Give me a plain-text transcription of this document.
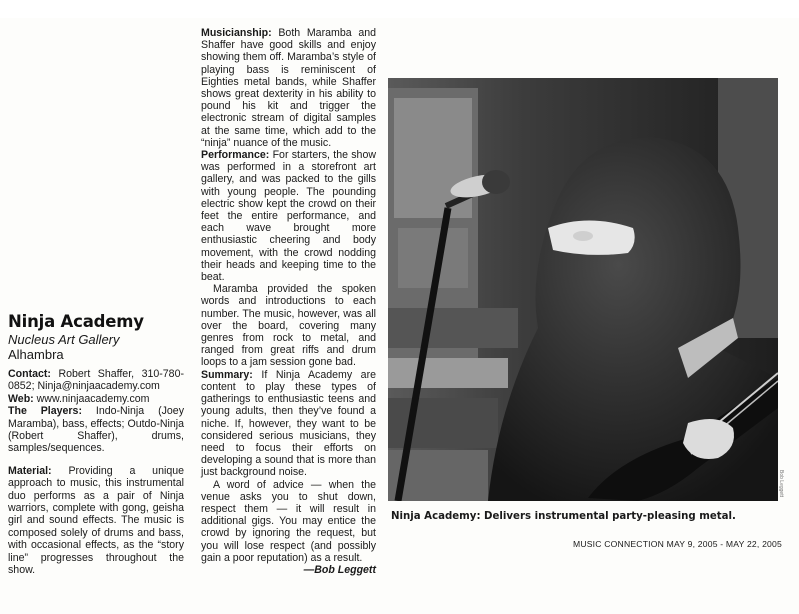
Ninja Academy

Nucleus Art Gallery

Alhambra

Contact: Robert Shaffer, 310-780-0852; Ninja@ninjaacademy.com

Web: www.ninjaacademy.com

The Players: Indo-Ninja (Joey Maramba), bass, effects; Outdo-Ninja (Robert Shaffer), drums, samples/sequences.

Material: Providing a unique approach to music, this instrumental duo performs as a pair of Ninja warriors, complete with gong, geisha girl and sound effects. The music is composed solely of drums and bass, with occasional effects, as the “story line” progresses throughout the show.

Musicianship: Both Maramba and Shaffer have good skills and enjoy showing them off. Maramba’s style of playing bass is reminiscent of Eighties metal bands, while Shaffer shows great dexterity in his ability to pound his kit and trigger the electronic stream of digital samples at the same time, which add to the “ninja” nuance of the music.

Performance: For starters, the show was performed in a storefront art gallery, and was packed to the gills with young people. The pounding electric show kept the crowd on their feet the entire performance, and each wave brought more enthusiastic cheering and body movement, with the crowd nodding their heads and keeping time to the beat.

Maramba provided the spoken words and introductions to each number. The music, however, was all over the board, covering many genres from rock to metal, and ranged from great riffs and drum loops to a jam session gone bad.

Summary: If Ninja Academy are content to play these types of gatherings to enthusiastic teens and young adults, then they’ve found a niche. If, however, they want to be considered serious musicians, they need to focus their efforts on developing a sound that is more than just background noise.

A word of advice — when the venue asks you to shut down, respect them — it will result in additional gigs. You may entice the crowd by ignoring the request, but you will lose respect (and possibly gain a poor reputation) as a result.

—Bob Leggett

Bob Leggett
Ninja Academy: Delivers instrumental party-pleasing metal.
MUSIC CONNECTION MAY 9, 2005 - MAY 22, 2005
